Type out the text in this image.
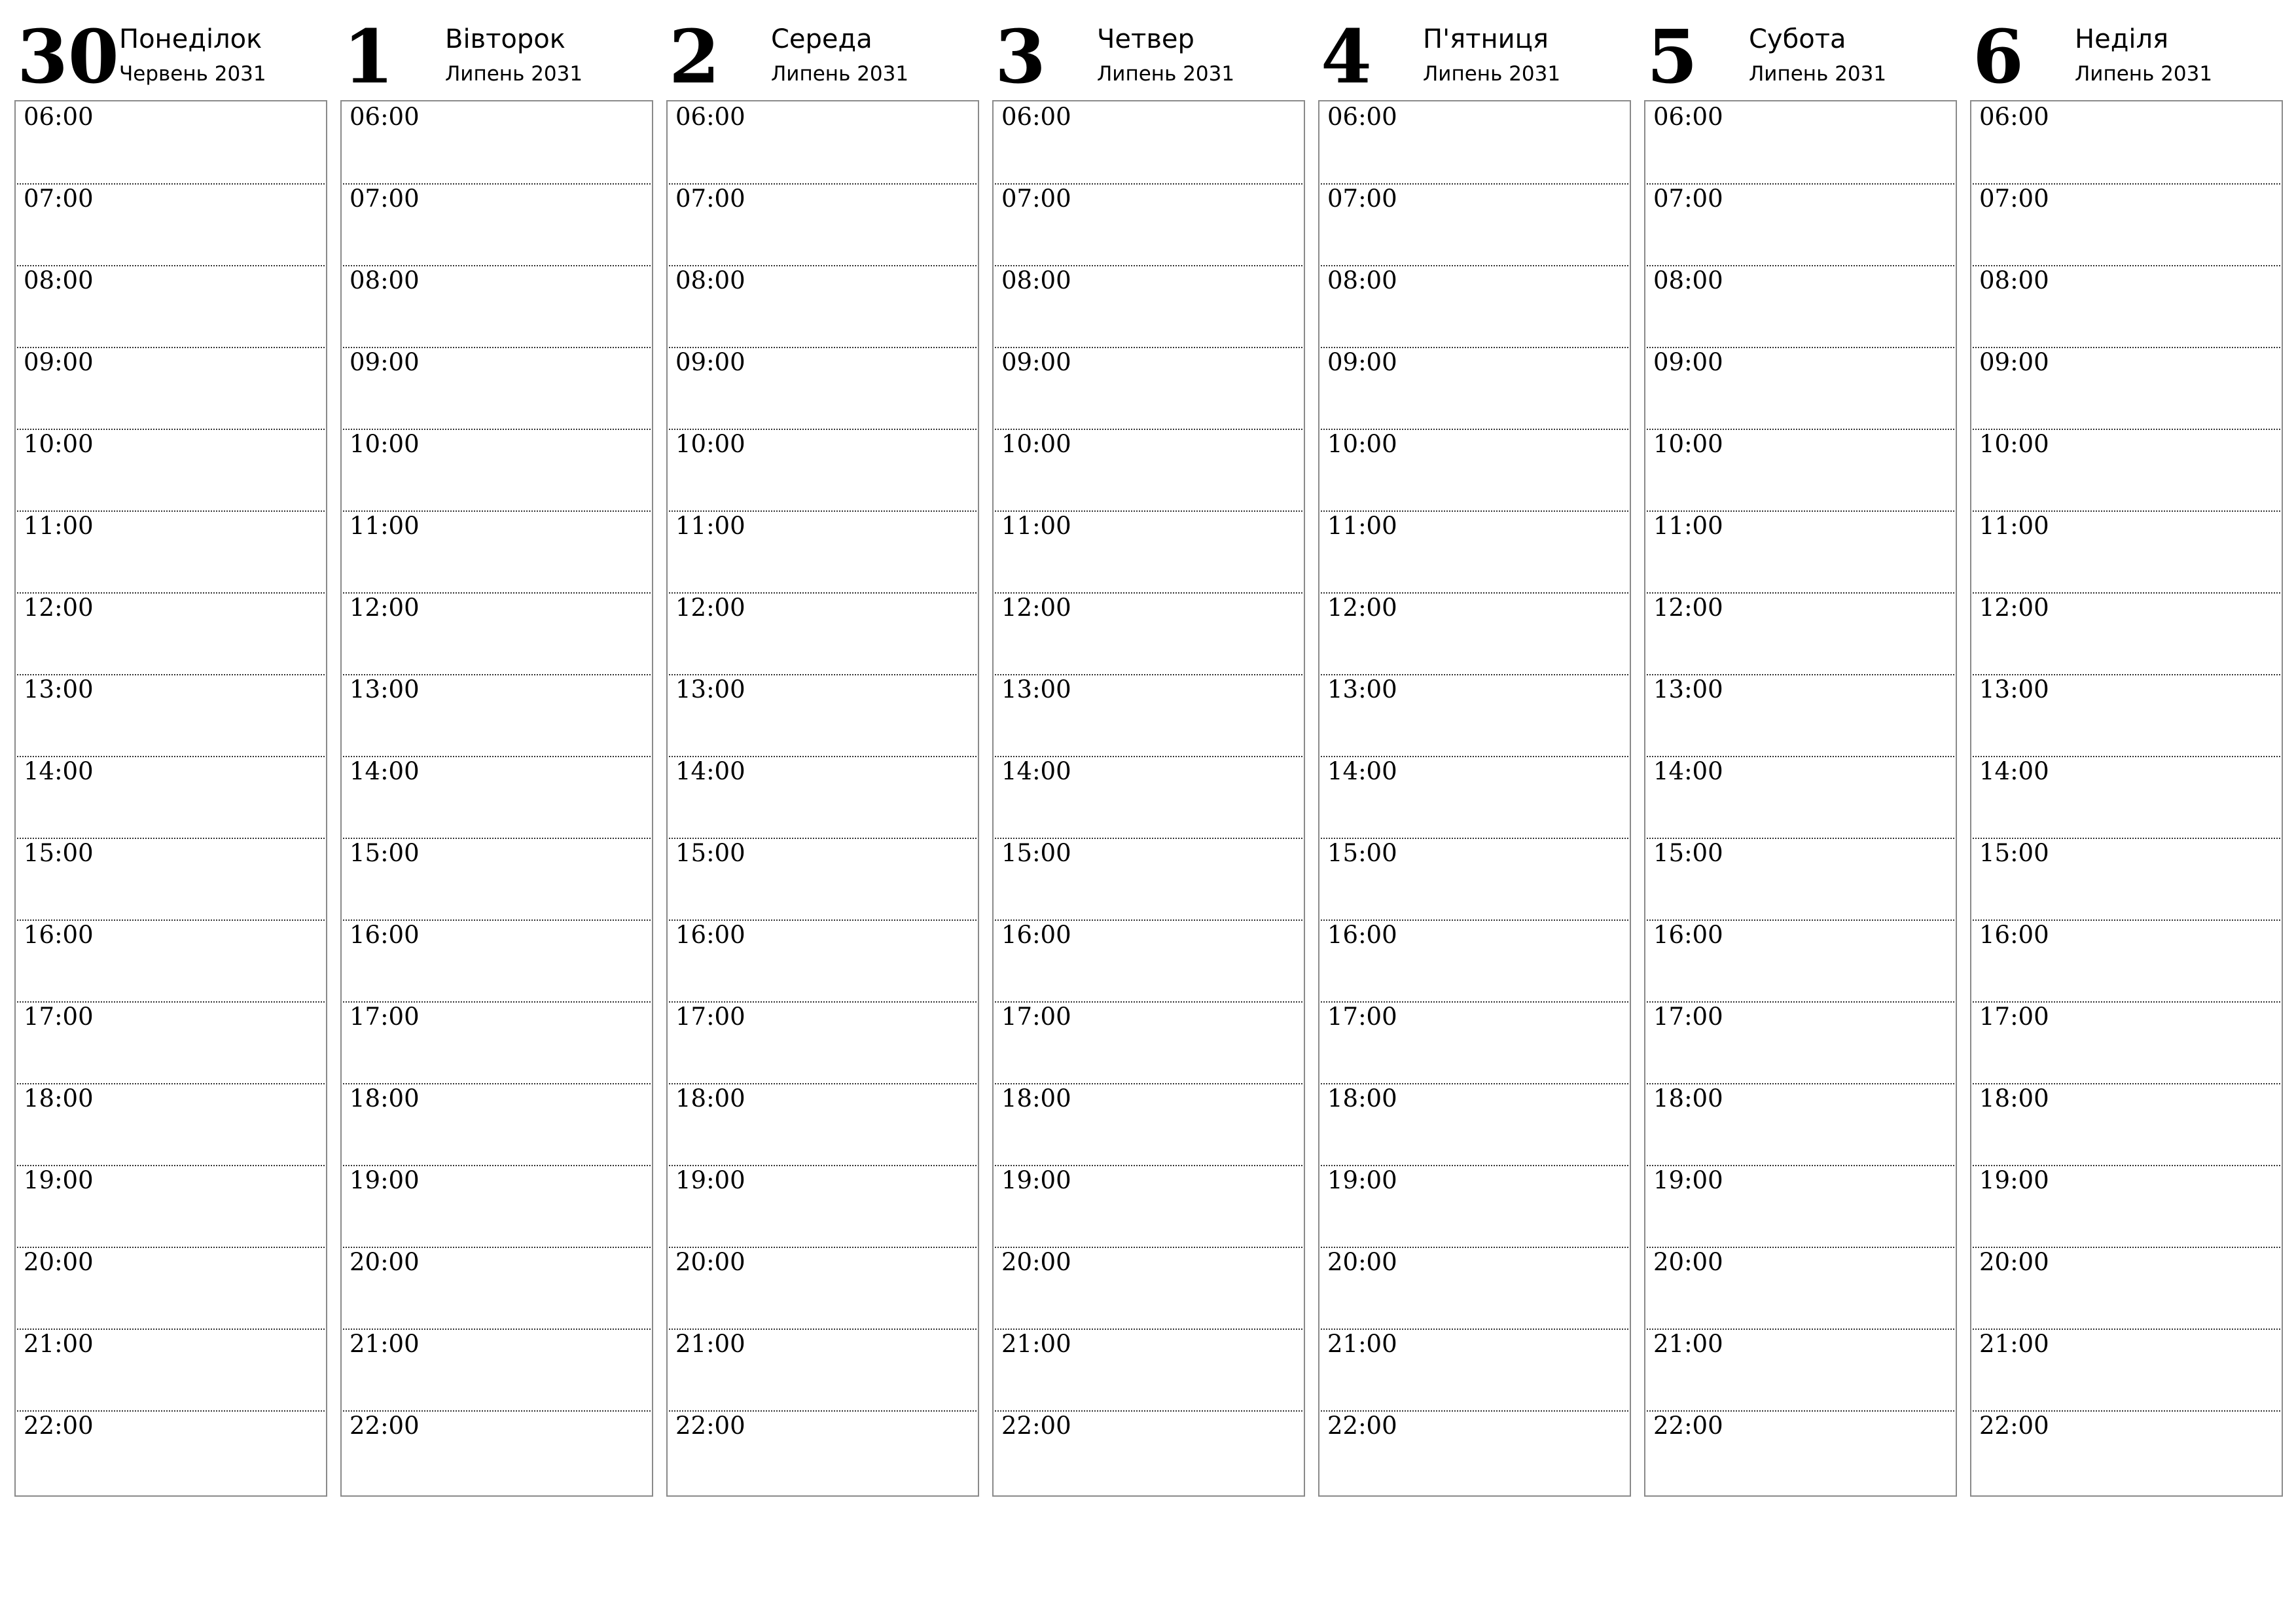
30 Понеділок
Червень 2031
06:00
07:00
08:00
09:00
10:00
11:00
12:00
13:00
14:00
15:00
16:00
17:00
18:00
19:00
20:00
21:00
22:00
1 Вівторок
Липень 2031
06:00
07:00
08:00
09:00
10:00
11:00
12:00
13:00
14:00
15:00
16:00
17:00
18:00
19:00
20:00
21:00
22:00
2 Середа
Липень 2031
06:00
07:00
08:00
09:00
10:00
11:00
12:00
13:00
14:00
15:00
16:00
17:00
18:00
19:00
20:00
21:00
22:00
3 Четвер
Липень 2031
06:00
07:00
08:00
09:00
10:00
11:00
12:00
13:00
14:00
15:00
16:00
17:00
18:00
19:00
20:00
21:00
22:00
4 П'ятниця
Липень 2031
06:00
07:00
08:00
09:00
10:00
11:00
12:00
13:00
14:00
15:00
16:00
17:00
18:00
19:00
20:00
21:00
22:00
5 Субота
Липень 2031
06:00
07:00
08:00
09:00
10:00
11:00
12:00
13:00
14:00
15:00
16:00
17:00
18:00
19:00
20:00
21:00
22:00
6 Неділя
Липень 2031
06:00
07:00
08:00
09:00
10:00
11:00
12:00
13:00
14:00
15:00
16:00
17:00
18:00
19:00
20:00
21:00
22:00
